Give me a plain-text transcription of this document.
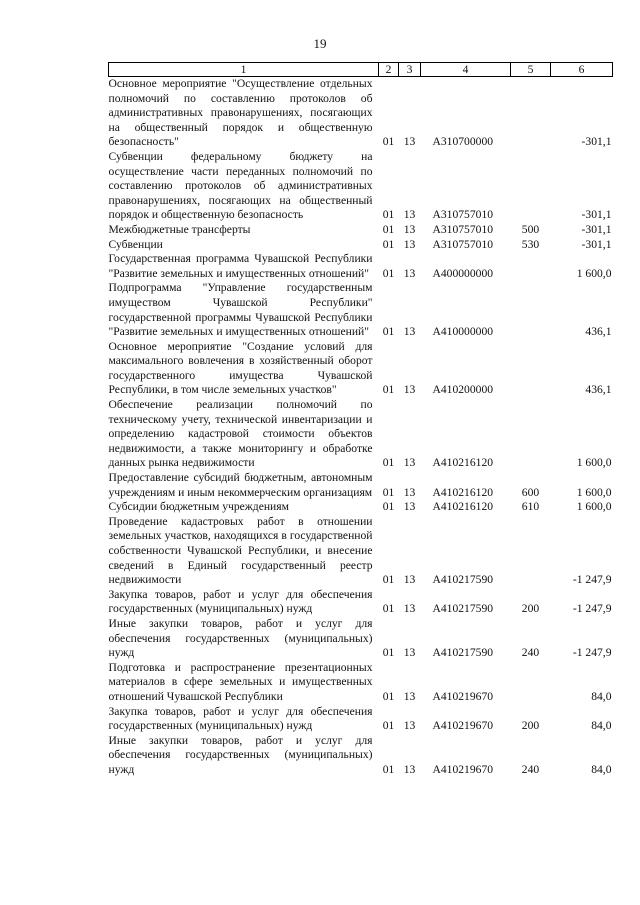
19
1	2	3	4	5	6
Основное мероприятие "Осуществление отдельных полномочий по составлению протоколов об административных правонарушениях, посягающих на общественный порядок и общественную безопасность"	01	13	A310700000		-301,1
Субвенции федеральному бюджету на осуществление части переданных полномочий по составлению протоколов об административных правонарушениях, посягающих на общественный порядок и общественную безопасность	01	13	A310757010		-301,1
Межбюджетные трансферты	01	13	A310757010	500	-301,1
Субвенции	01	13	A310757010	530	-301,1
Государственная программа Чувашской Республики "Развитие земельных и имущественных отношений"	01	13	A400000000		1 600,0
Подпрограмма "Управление государственным имуществом Чувашской Республики" государственной программы Чувашской Республики "Развитие земельных и имущественных отношений"	01	13	A410000000		436,1
Основное мероприятие "Создание условий для максимального вовлечения в хозяйственный оборот государственного имущества Чувашской Республики, в том числе земельных участков"	01	13	A410200000		436,1
Обеспечение реализации полномочий по техническому учету, технической инвентаризации и определению кадастровой стоимости объектов недвижимости, а также мониторингу и обработке данных рынка недвижимости	01	13	A410216120		1 600,0
Предоставление субсидий бюджетным, автономным учреждениям и иным некоммерческим организациям	01	13	A410216120	600	1 600,0
Субсидии бюджетным учреждениям	01	13	A410216120	610	1 600,0
Проведение кадастровых работ в отношении земельных участков, находящихся в государственной собственности Чувашской Республики, и внесение сведений в Единый государственный реестр недвижимости	01	13	A410217590		-1 247,9
Закупка товаров, работ и услуг для обеспечения государственных (муниципальных) нужд	01	13	A410217590	200	-1 247,9
Иные закупки товаров, работ и услуг для обеспечения государственных (муниципальных) нужд	01	13	A410217590	240	-1 247,9
Подготовка и распространение презентационных материалов в сфере земельных и имущественных отношений Чувашской Республики	01	13	A410219670		84,0
Закупка товаров, работ и услуг для обеспечения государственных (муниципальных) нужд	01	13	A410219670	200	84,0
Иные закупки товаров, работ и услуг для обеспечения государственных (муниципальных) нужд	01	13	A410219670	240	84,0
